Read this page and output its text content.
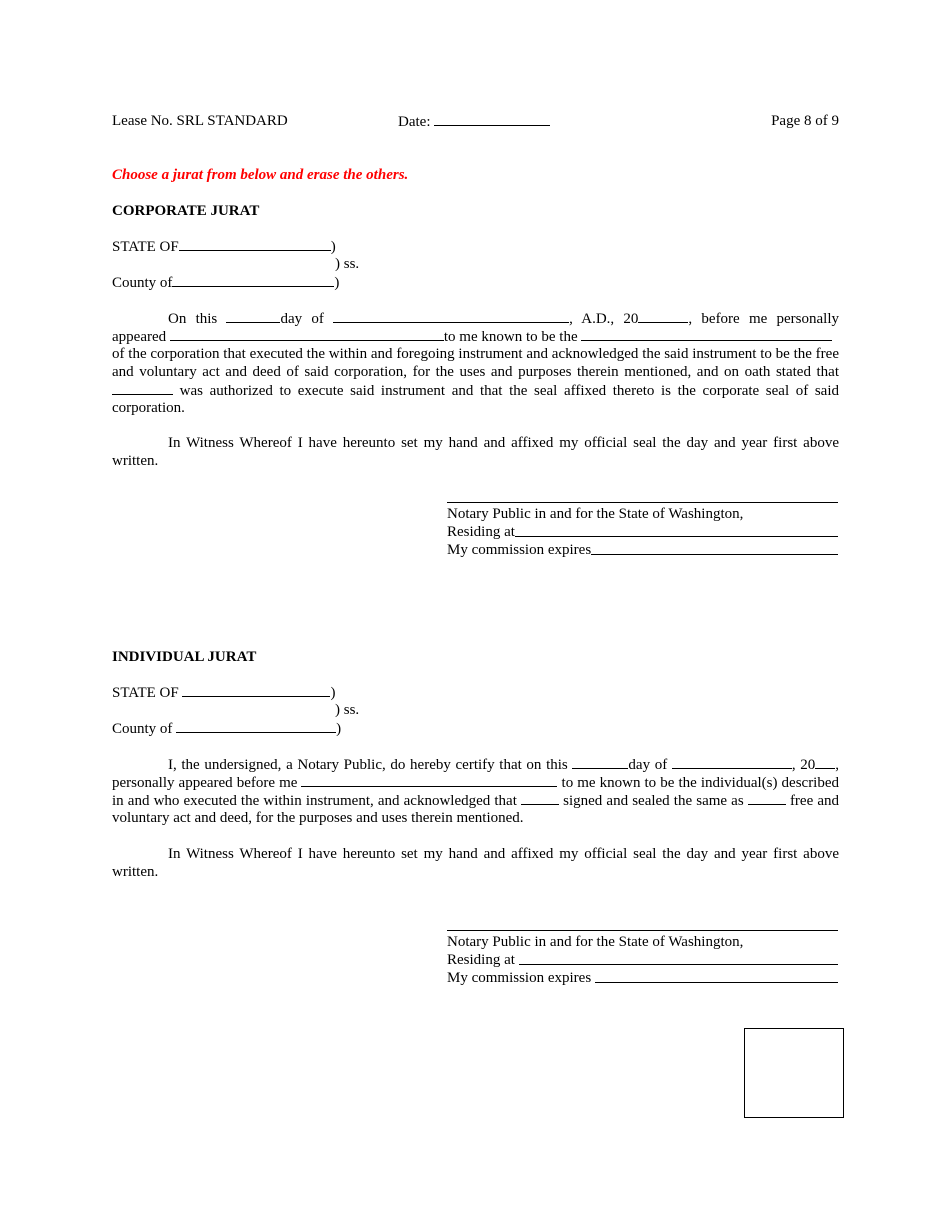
Lease No. SRL STANDARD	Date:	Page 8 of 9
Choose a jurat from below and erase the others.
CORPORATE JURAT
STATE OF	)
) ss.
County of	)
On this	day of	, A.D., 20	, before me personally
appeared	to me known to be the
of the corporation that executed the within and foregoing instrument and acknowledged the said instrument to be the free
and voluntary act and deed of said corporation, for the uses and purposes therein mentioned, and on oath stated that
was authorized to execute said instrument and that the seal affixed thereto is the corporate seal of said
corporation.
In Witness Whereof I have hereunto set my hand and affixed my official seal the day and year first above
written.
Notary Public in and for the State of Washington,
Residing at
My commission expires
INDIVIDUAL JURAT
STATE OF	)
) ss.
County of	)
I, the undersigned, a Notary Public, do hereby certify that on this	day of	, 20 ,
personally appeared before me	to me known to be the individual(s) described
in and who executed the within instrument, and acknowledged that	signed and sealed the same as	free and
voluntary act and deed, for the purposes and uses therein mentioned.
In Witness Whereof I have hereunto set my hand and affixed my official seal the day and year first above
written.
Notary Public in and for the State of Washington,
Residing at
My commission expires
